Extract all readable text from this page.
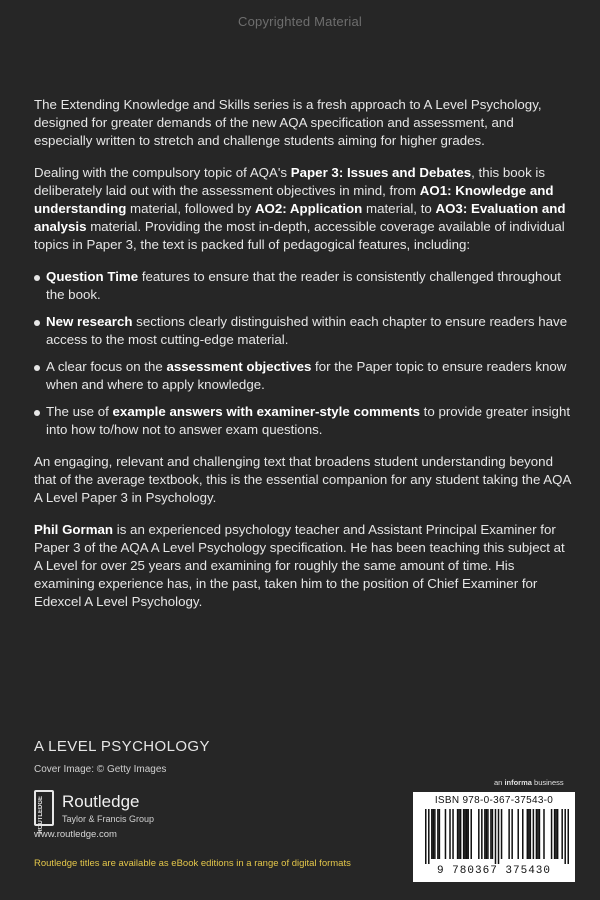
Copyrighted Material

The Extending Knowledge and Skills series is a fresh approach to A Level Psychology, designed for greater demands of the new AQA specification and assessment, and especially written to stretch and challenge students aiming for higher grades.

Dealing with the compulsory topic of AQA's Paper 3: Issues and Debates, this book is deliberately laid out with the assessment objectives in mind, from AO1: Knowledge and understanding material, followed by AO2: Application material, to AO3: Evaluation and analysis material. Providing the most in-depth, accessible coverage available of individual topics in Paper 3, the text is packed full of pedagogical features, including:

Question Time features to ensure that the reader is consistently challenged throughout the book.
New research sections clearly distinguished within each chapter to ensure readers have access to the most cutting-edge material.
A clear focus on the assessment objectives for the Paper topic to ensure readers know when and where to apply knowledge.
The use of example answers with examiner-style comments to provide greater insight into how to/how not to answer exam questions.

An engaging, relevant and challenging text that broadens student understanding beyond that of the average textbook, this is the essential companion for any student taking the AQA A Level Paper 3 in Psychology.

Phil Gorman is an experienced psychology teacher and Assistant Principal Examiner for Paper 3 of the AQA A Level Psychology specification. He has been teaching this subject at A Level for over 25 years and examining for roughly the same amount of time. His examining experience has, in the past, taken him to the position of Chief Examiner for Edexcel A Level Psychology.

A LEVEL PSYCHOLOGY
Cover Image: © Getty Images
ROUTLEDGE	Routledge
Taylor & Francis Group
www.routledge.com
Routledge titles are available as eBook editions in a range of digital formats
an informa business
ISBN 978-0-367-37543-0
9 780367 375430
